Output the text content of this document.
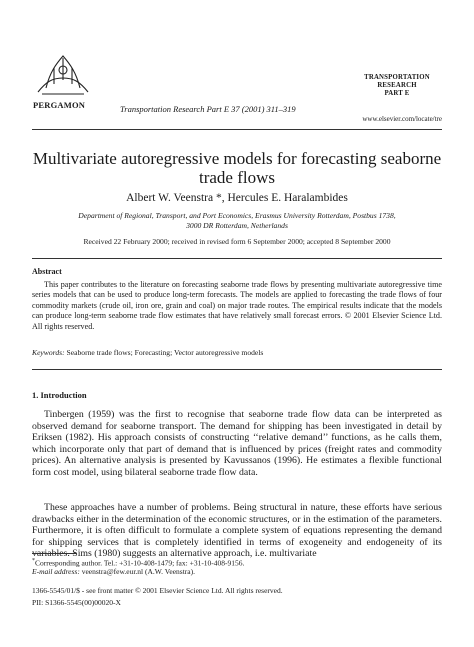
PERGAMON	Transportation Research Part E 37 (2001) 311–319
TRANSPORTATION
RESEARCH
PART E
www.elsevier.com/locate/tre
Multivariate autoregressive models for forecasting seaborne
trade flows
Albert W. Veenstra *, Hercules E. Haralambides
Department of Regional, Transport, and Port Economics, Erasmus University Rotterdam, Postbus 1738,
3000 DR Rotterdam, Netherlands
Received 22 February 2000; received in revised form 6 September 2000; accepted 8 September 2000
Abstract

This paper contributes to the literature on forecasting seaborne trade flows by presenting multivariate autoregressive time series models that can be used to produce long-term forecasts. The models are applied to forecasting the trade flows of four commodity markets (crude oil, iron ore, grain and coal) on major trade routes. The empirical results indicate that the models can produce long-term seaborne trade flow estimates that have relatively small forecast errors. © 2001 Elsevier Science Ltd. All rights reserved.

Keywords: Seaborne trade flows; Forecasting; Vector autoregressive models
1. Introduction

Tinbergen (1959) was the first to recognise that seaborne trade flow data can be interpreted as observed demand for seaborne transport. The demand for shipping has been investigated in detail by Eriksen (1982). His approach consists of constructing ‘‘relative demand’’ functions, as he calls them, which incorporate only that part of demand that is influenced by prices (freight rates and commodity prices). An alternative analysis is presented by Kavussanos (1996). He estimates a flexible functional form cost model, using bilateral seaborne trade flow data.

These approaches have a number of problems. Being structural in nature, these efforts have serious drawbacks either in the determination of the economic structures, or in the estimation of the parameters. Furthermore, it is often difficult to formulate a complete system of equations representing the demand for shipping services that is completely identified in terms of exogeneity and endogeneity of its variables. Sims (1980) suggests an alternative approach, i.e. multivariate

*Corresponding author. Tel.: +31-10-408-1479; fax: +31-10-408-9156.
E-mail address: veenstra@few.eur.nl (A.W. Veenstra).
1366-5545/01/$ - see front matter © 2001 Elsevier Science Ltd. All rights reserved.
PII: S1366-5545(00)00020-X
